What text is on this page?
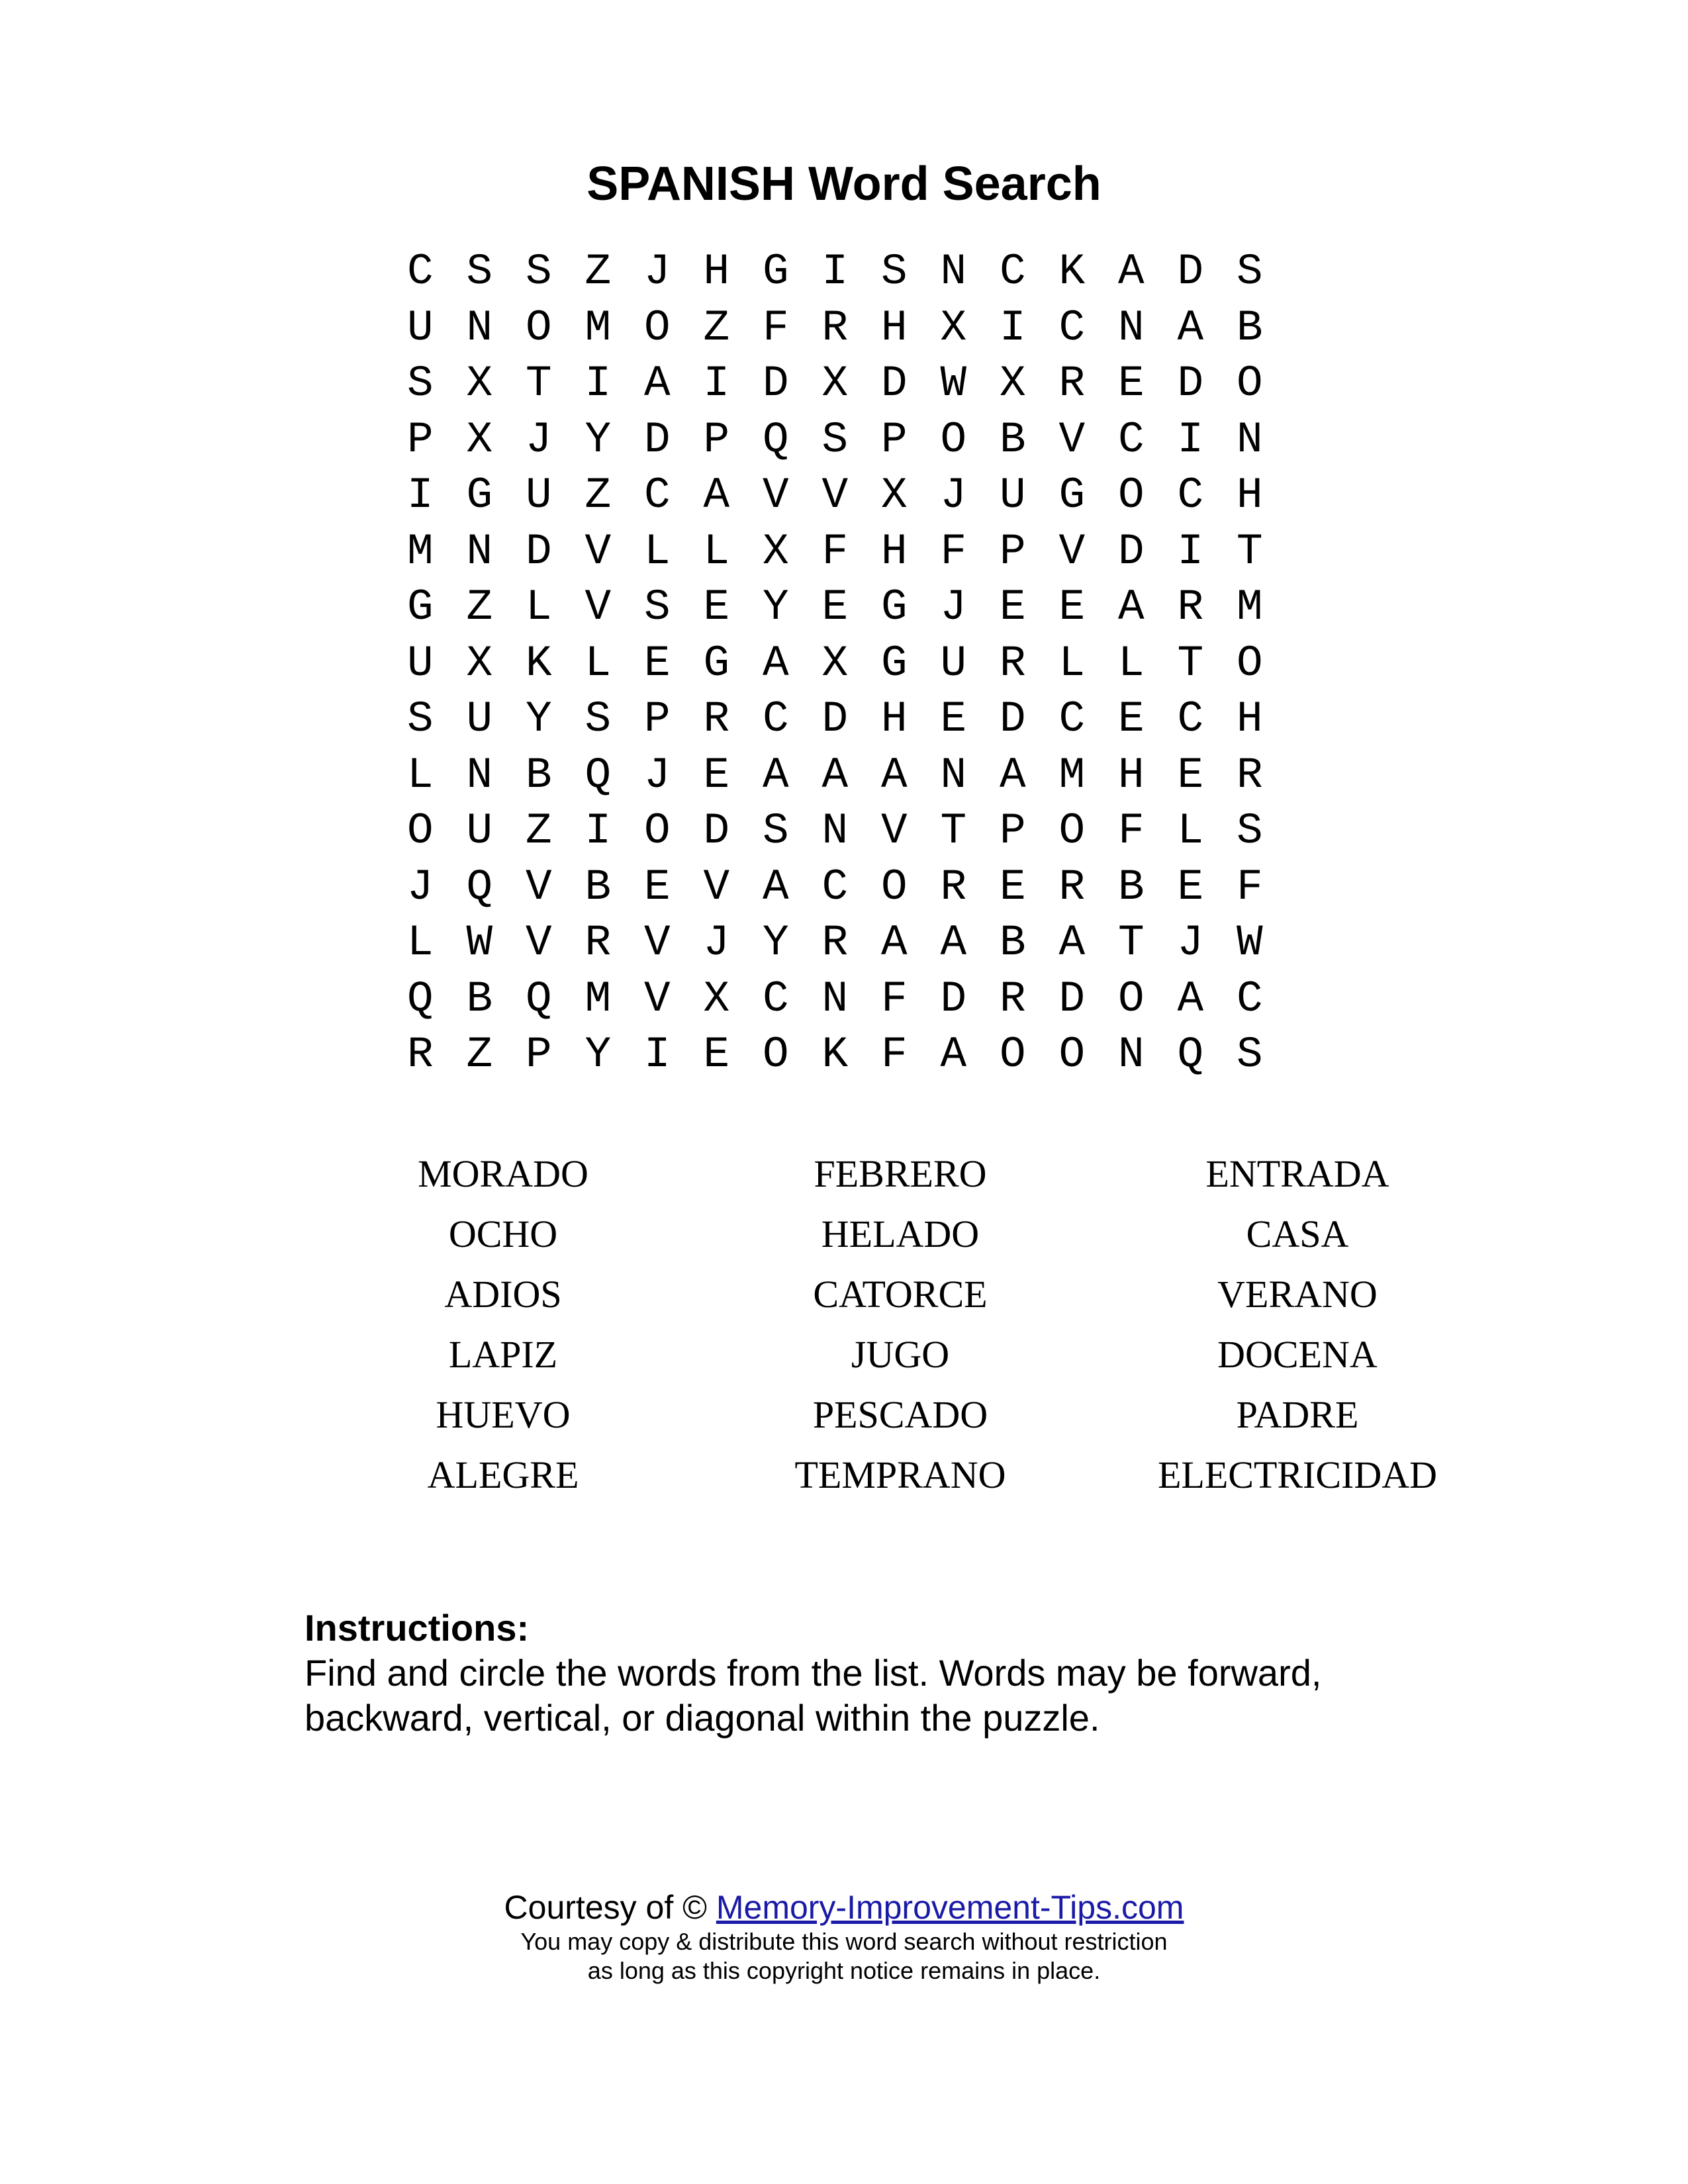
SPANISH Word Search
C S S Z J H G I S N C K A D S
U N O M O Z F R H X I C N A B
S X T I A I D X D W X R E D O
P X J Y D P Q S P O B V C I N
I G U Z C A V V X J U G O C H
M N D V L L X F H F P V D I T
G Z L V S E Y E G J E E A R M
U X K L E G A X G U R L L T O
S U Y S P R C D H E D C E C H
L N B Q J E A A A N A M H E R
O U Z I O D S N V T P O F L S
J Q V B E V A C O R E R B E F
L W V R V J Y R A A B A T J W
Q B Q M V X C N F D R D O A C
R Z P Y I E O K F A O O N Q S
MORADO	FEBRERO	ENTRADA
OCHO	HELADO	CASA
ADIOS	CATORCE	VERANO
LAPIZ	JUGO	DOCENA
HUEVO	PESCADO	PADRE
ALEGRE	TEMPRANO	ELECTRICIDAD

Instructions:

Find and circle the words from the list. Words may be forward, backward, vertical, or diagonal within the puzzle.

Courtesy of © Memory-Improvement-Tips.com

You may copy & distribute this word search without restriction

as long as this copyright notice remains in place.
